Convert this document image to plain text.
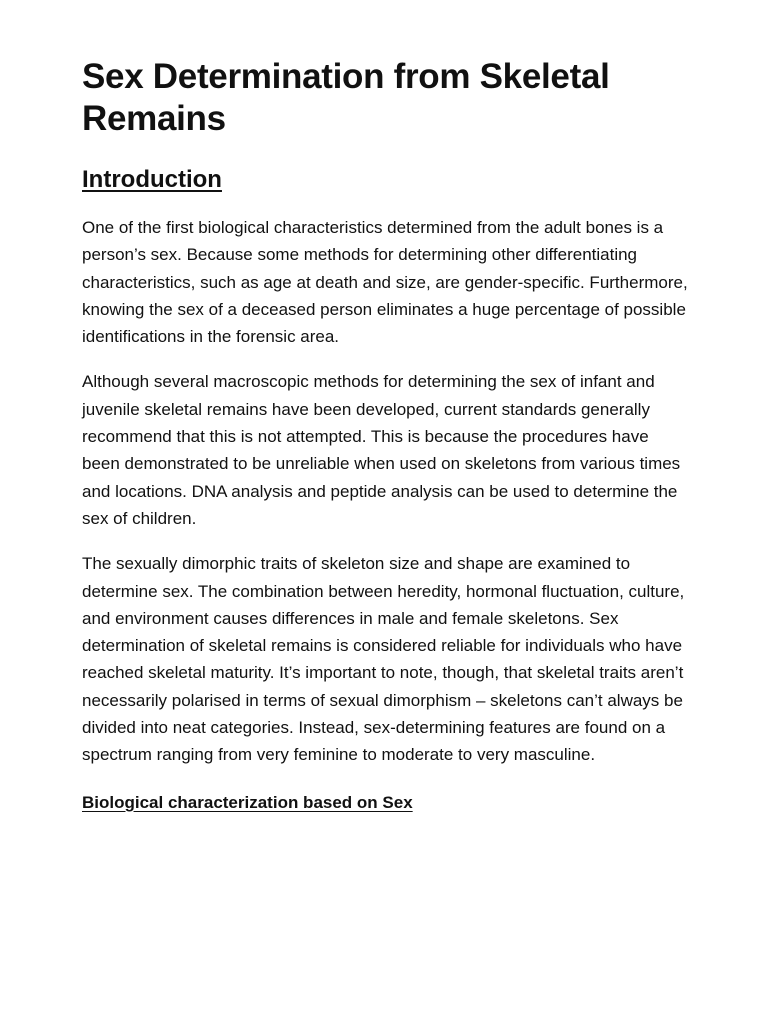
Sex Determination from Skeletal Remains
Introduction

One of the first biological characteristics determined from the adult bones is a person’s sex. Because some methods for determining other differentiating characteristics, such as age at death and size, are gender-specific. Furthermore, knowing the sex of a deceased person eliminates a huge percentage of possible identifications in the forensic area.

Although several macroscopic methods for determining the sex of infant and juvenile skeletal remains have been developed, current standards generally recommend that this is not attempted. This is because the procedures have been demonstrated to be unreliable when used on skeletons from various times and locations. DNA analysis and peptide analysis can be used to determine the sex of children.

The sexually dimorphic traits of skeleton size and shape are examined to determine sex. The combination between heredity, hormonal fluctuation, culture, and environment causes differences in male and female skeletons. Sex determination of skeletal remains is considered reliable for individuals who have reached skeletal maturity. It’s important to note, though, that skeletal traits aren’t necessarily polarised in terms of sexual dimorphism – skeletons can’t always be divided into neat categories. Instead, sex-determining features are found on a spectrum ranging from very feminine to moderate to very masculine.

Biological characterization based on Sex
